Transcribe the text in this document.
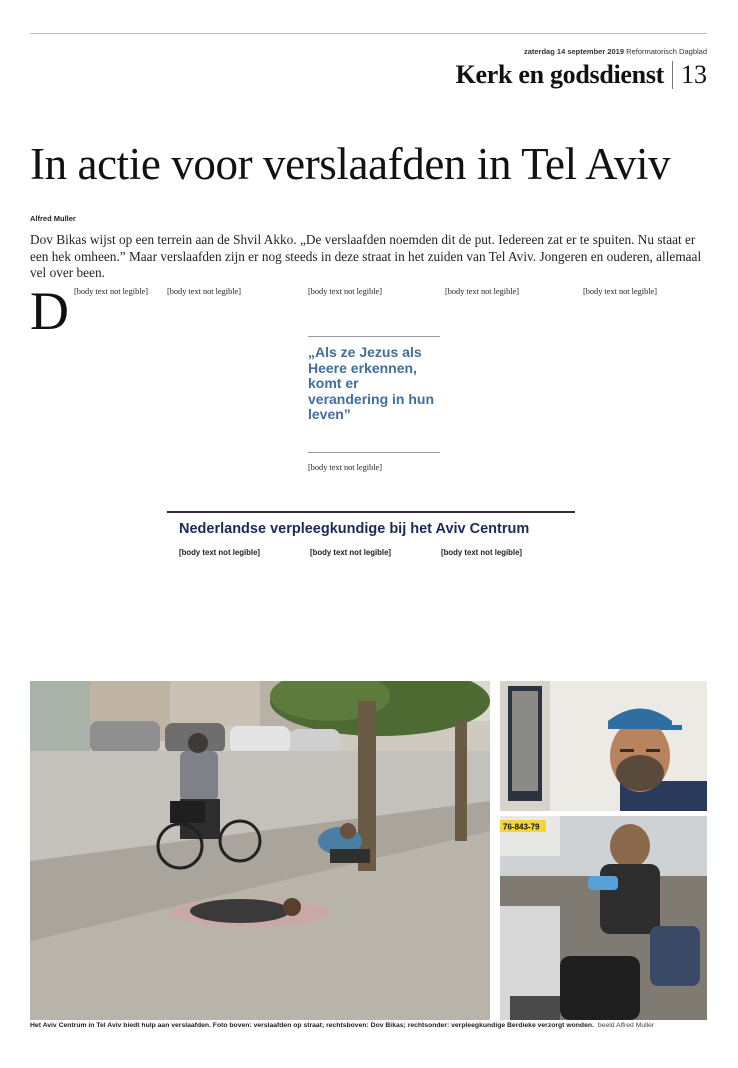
zaterdag 14 september 2019 Reformatorisch Dagblad
Kerk en godsdienst 13
In actie voor verslaafden in Tel Aviv
Alfred Muller

Dov Bikas wijst op een terrein aan de Shvil Akko. „De verslaafden noemden dit de put. Iedereen zat er te spuiten. Nu staat er een hek omheen.” Maar verslaafden zijn er nog steeds in deze straat in het zuiden van Tel Aviv. Jongeren en ouderen, allemaal vel over been.

D [body text not legible]	[body text not legible]	[body text not legible]

„Als ze Jezus als Heere erkennen, komt er verandering in hun leven”

[body text not legible]

[body text not legible]	[body text not legible]

Nederlandse verpleegkundige bij het Aviv Centrum
[body text not legible]	[body text not legible]	[body text not legible]
76-843-79
Het Aviv Centrum in Tel Aviv biedt hulp aan verslaafden. Foto boven: verslaafden op straat; rechtsboven: Dov Bikas; rechtsonder: verpleegkundige Berdieke verzorgt wonden. beeld Alfred Muller
